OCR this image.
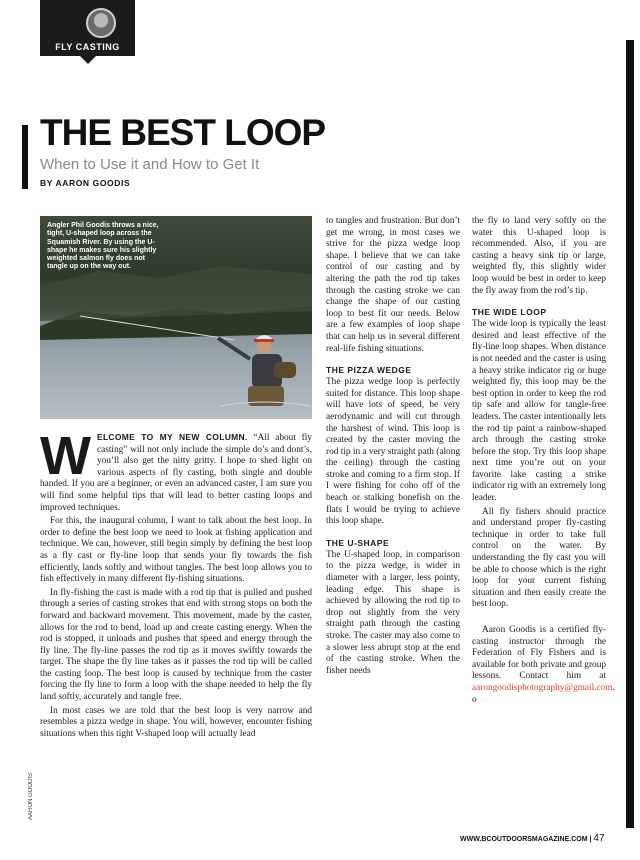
FLY CASTING
THE BEST LOOP

When to Use it and How to Get It

BY AARON GOODIS
Angler Phil Goodis throws a nice, tight, U-shaped loop across the Squamish River. By using the U-shape he makes sure his slightly weighted salmon fly does not tangle up on the way out.

WELCOME TO MY NEW COLUMN. “All about fly casting” will not only include the simple do’s and dont’s, you’ll also get the nitty gritty. I hope to shed light on various aspects of fly casting, both single and double handed. If you are a beginner, or even an advanced caster, I am sure you will find some helpful tips that will lead to better casting loops and improved techniques.

For this, the inaugural column, I want to talk about the best loop. In order to define the best loop we need to look at fishing application and technique. We can, however, still begin simply by defining the best loop as a fly cast or fly-line loop that sends your fly towards the fish efficiently, lands softly and without tangles. The best loop allows you to fish effectively in many different fly-fishing situations.

In fly-fishing the cast is made with a rod tip that is pulled and pushed through a series of casting strokes that end with strong stops on both the forward and backward movement. This movement, made by the caster, allows for the rod to bend, load up and create casting energy. When the rod is stopped, it unloads and pushes that speed and energy through the fly line. The fly-line passes the rod tip as it moves swiftly towards the target. The shape the fly line takes as it passes the rod tip will be called the casting loop. The best loop is caused by technique from the caster forcing the fly line to form a loop with the shape needed to help the fly land softly, accurately and tangle free.

In most cases we are told that the best loop is very narrow and resembles a pizza wedge in shape. You will, however, encounter fishing situations when this tight V-shaped loop will actually lead

to tangles and frustration. But don’t get me wrong, in most cases we strive for the pizza wedge loop shape. I believe that we can take control of our casting and by altering the path the rod tip takes through the casting stroke we can change the shape of our casting loop to best fit our needs. Below are a few examples of loop shape that can help us in several different real-life fishing situations.

THE PIZZA WEDGE

The pizza wedge loop is perfectly suited for distance. This loop shape will have lots of speed, be very aerodynamic and will cut through the harshest of wind. This loop is created by the caster moving the rod tip in a very straight path (along the ceiling) through the casting stroke and coming to a firm stop. If I were fishing for coho off of the beach or stalking bonefish on the flats I would be trying to achieve this loop shape.

THE U-SHAPE

The U-shaped loop, in comparison to the pizza wedge, is wider in diameter with a larger, less pointy, leading edge. This shape is achieved by allowing the rod tip to drop out slightly from the very straight path through the casting stroke. The caster may also come to a slower less abrupt stop at the end of the casting stroke. When the fisher needs

the fly to land very softly on the water this U-shaped loop is recommended. Also, if you are casting a heavy sink tip or large, weighted fly, this slightly wider loop would be best in order to keep the fly away from the rod’s tip.

THE WIDE LOOP

The wide loop is typically the least desired and least effective of the fly-line loop shapes. When distance is not needed and the caster is using a heavy strike indicator rig or huge weighted fly, this loop may be the best option in order to keep the rod tip safe and allow for tangle-free leaders. The caster intentionally lets the rod tip paint a rainbow-shaped arch through the casting stroke before the stop. Try this loop shape next time you’re out on your favorite lake casting a strike indicator rig with an extremely long leader.

All fly fishers should practice and understand proper fly-casting technique in order to take full control on the water. By understanding the fly cast you will be able to choose which is the right loop for your current fishing situation and then easily create the best loop.

Aaron Goodis is a certified fly-casting instructor through the Federation of Fly Fishers and is available for both private and group lessons. Contact him at aarongoodisphotography@gmail.com. o

AARON GOODIS
WWW.BCOUTDOORSMAGAZINE.COM | 47
